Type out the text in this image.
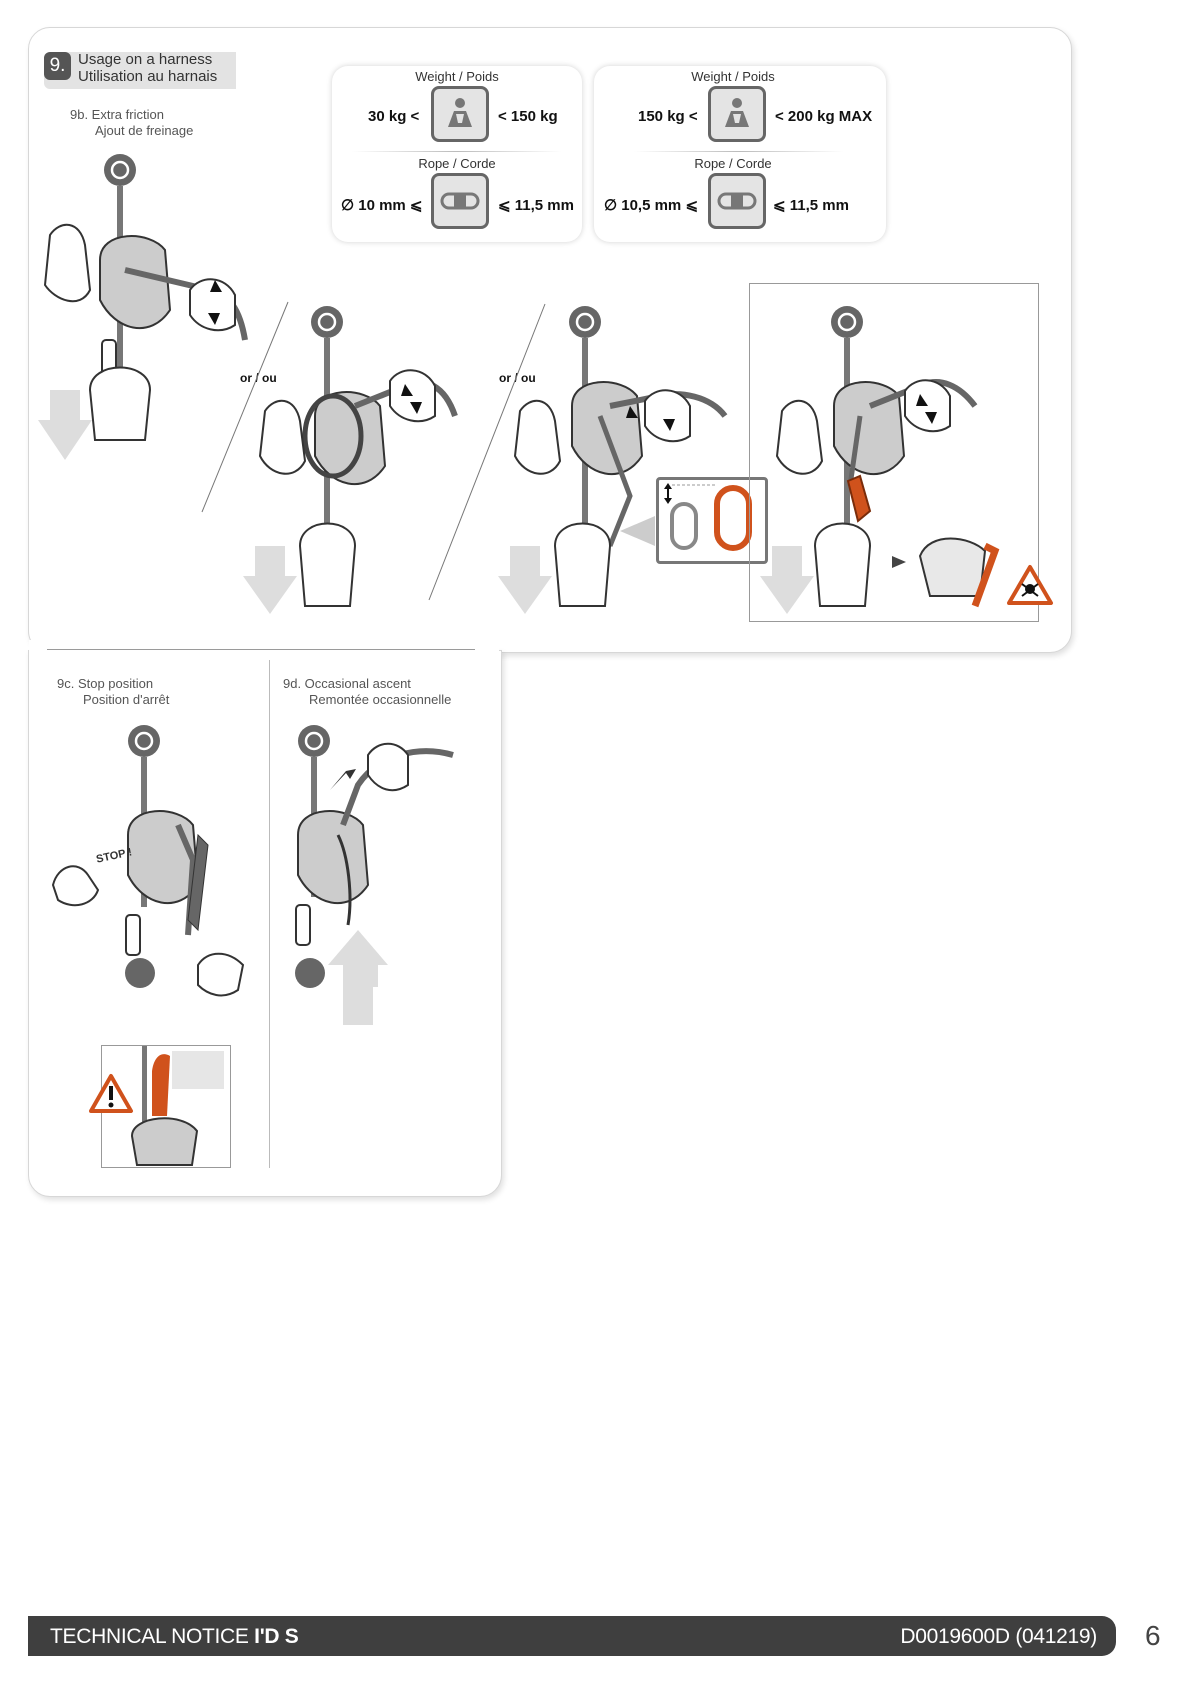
9. Usage on a harness
Utilisation au harnais
9b. Extra friction
Ajout de freinage
9c. Stop position
Position d'arrêt
9d. Occasional ascent
Remontée occasionnelle
Weight / Poids
30 kg <	< 150 kg
Rope / Corde
∅ 10 mm ⩽	⩽ 11,5 mm
Weight / Poids
150 kg <	< 200 kg MAX
Rope / Corde
∅ 10,5 mm ⩽	⩽ 11,5 mm
or / ou	or / ou
STOP !
TECHNICAL NOTICE I'D S	D0019600D (041219) 6
